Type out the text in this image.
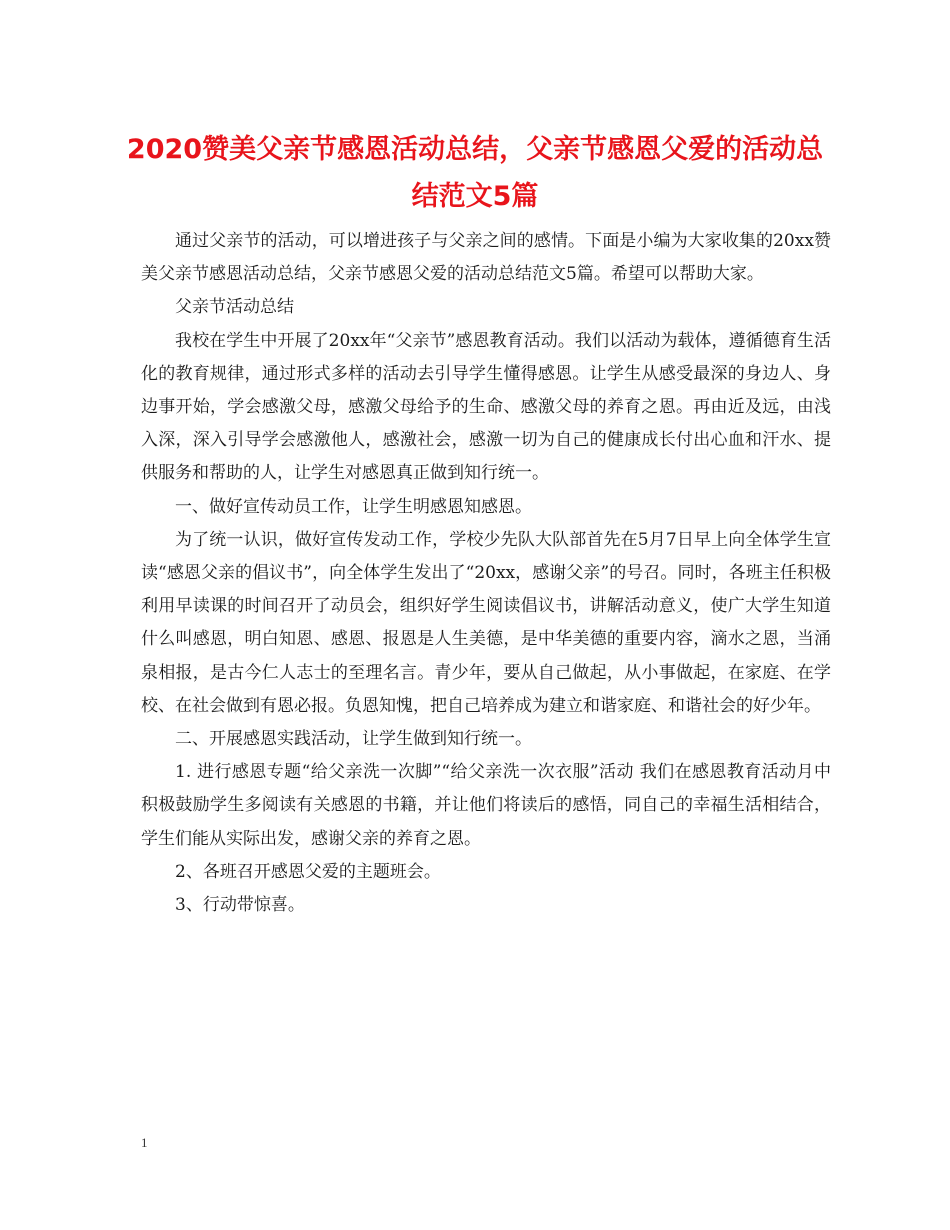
2020赞美父亲节感恩活动总结，父亲节感恩父爱的活动总结范文5篇

通过父亲节的活动，可以增进孩子与父亲之间的感情。下面是小编为大家收集的20xx赞美父亲节感恩活动总结，父亲节感恩父爱的活动总结范文5篇。希望可以帮助大家。

父亲节活动总结

我校在学生中开展了20xx年“父亲节”感恩教育活动。我们以活动为载体，遵循德育生活化的教育规律，通过形式多样的活动去引导学生懂得感恩。让学生从感受最深的身边人、身边事开始，学会感激父母，感激父母给予的生命、感激父母的养育之恩。再由近及远，由浅入深，深入引导学会感激他人，感激社会，感激一切为自己的健康成长付出心血和汗水、提供服务和帮助的人，让学生对感恩真正做到知行统一。

一、做好宣传动员工作，让学生明感恩知感恩。

为了统一认识，做好宣传发动工作，学校少先队大队部首先在5月7日早上向全体学生宣读“感恩父亲的倡议书”，向全体学生发出了“20xx，感谢父亲”的号召。同时，各班主任积极利用早读课的时间召开了动员会，组织好学生阅读倡议书，讲解活动意义，使广大学生知道什么叫感恩，明白知恩、感恩、报恩是人生美德，是中华美德的重要内容，滴水之恩，当涌泉相报，是古今仁人志士的至理名言。青少年，要从自己做起，从小事做起，在家庭、在学校、在社会做到有恩必报。负恩知愧，把自己培养成为建立和谐家庭、和谐社会的好少年。

二、开展感恩实践活动，让学生做到知行统一。

1. 进行感恩专题“给父亲洗一次脚”“给父亲洗一次衣服”活动 我们在感恩教育活动月中积极鼓励学生多阅读有关感恩的书籍，并让他们将读后的感悟，同自己的幸福生活相结合，学生们能从实际出发，感谢父亲的养育之恩。

2、各班召开感恩父爱的主题班会。

3、行动带惊喜。

1
